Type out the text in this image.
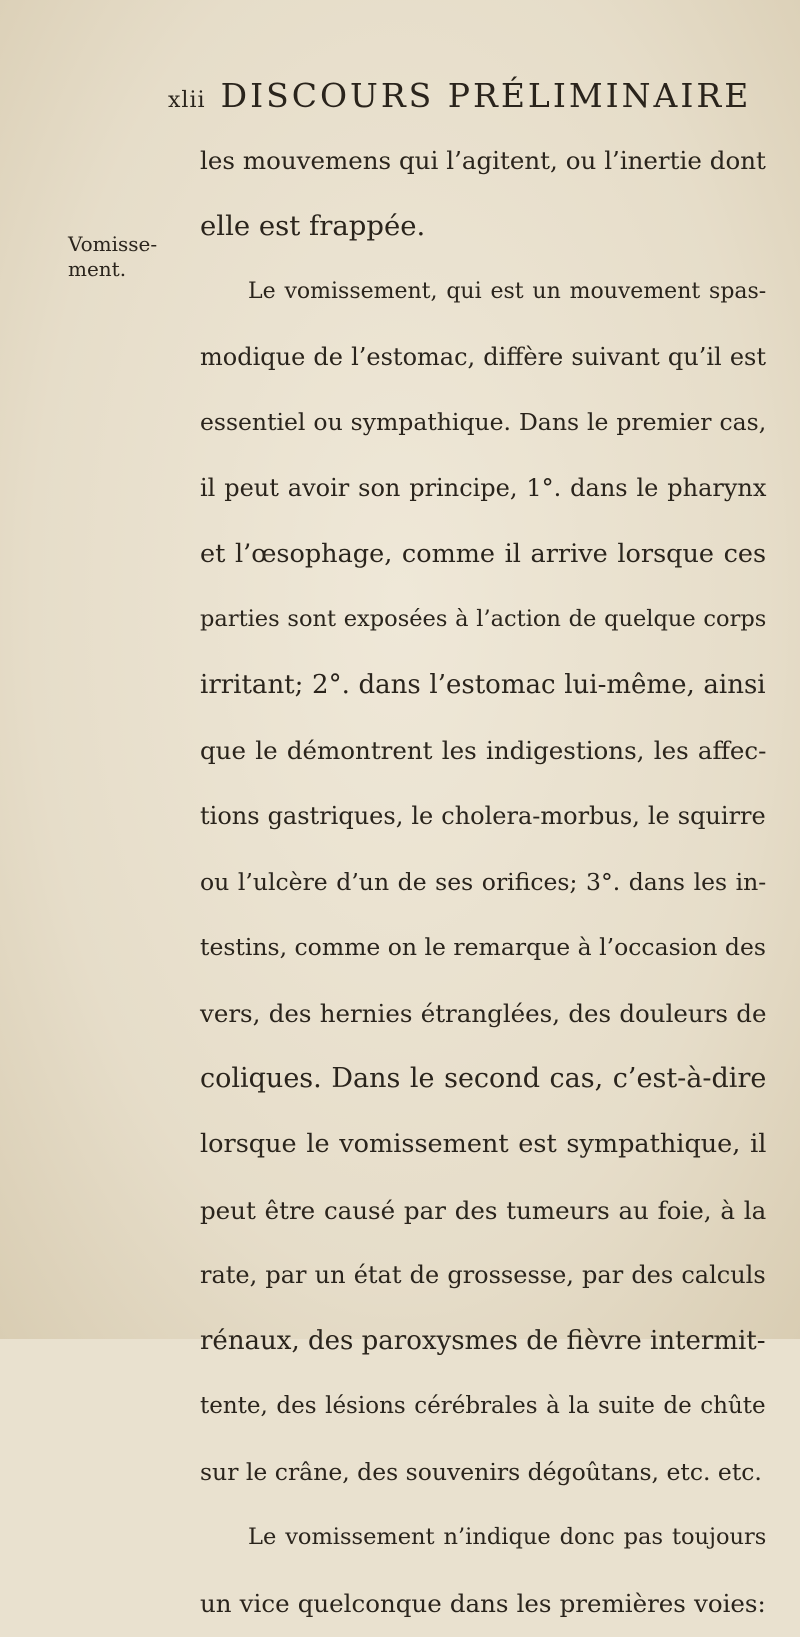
xlii DISCOURS PRÉLIMINAIRE
Vomisse-
ment.
les mouvemens qui l’agitent, ou l’inertie dont
elle est frappée.
Le vomissement, qui est un mouvement spas-
modique de l’estomac, diffère suivant qu’il est
essentiel ou sympathique. Dans le premier cas,
il peut avoir son principe, 1°. dans le pharynx
et l’œsophage, comme il arrive lorsque ces
parties sont exposées à l’action de quelque corps
irritant; 2°. dans l’estomac lui-même, ainsi
que le démontrent les indigestions, les affec-
tions gastriques, le cholera-morbus, le squirre
ou l’ulcère d’un de ses orifices; 3°. dans les in-
testins, comme on le remarque à l’occasion des
vers, des hernies étranglées, des douleurs de
coliques. Dans le second cas, c’est-à-dire
lorsque le vomissement est sympathique, il
peut être causé par des tumeurs au foie, à la
rate, par un état de grossesse, par des calculs
rénaux, des paroxysmes de fièvre intermit-
tente, des lésions cérébrales à la suite de chûte
sur le crâne, des souvenirs dégoûtans, etc. etc.
Le vomissement n’indique donc pas toujours
un vice quelconque dans les premières voies:
